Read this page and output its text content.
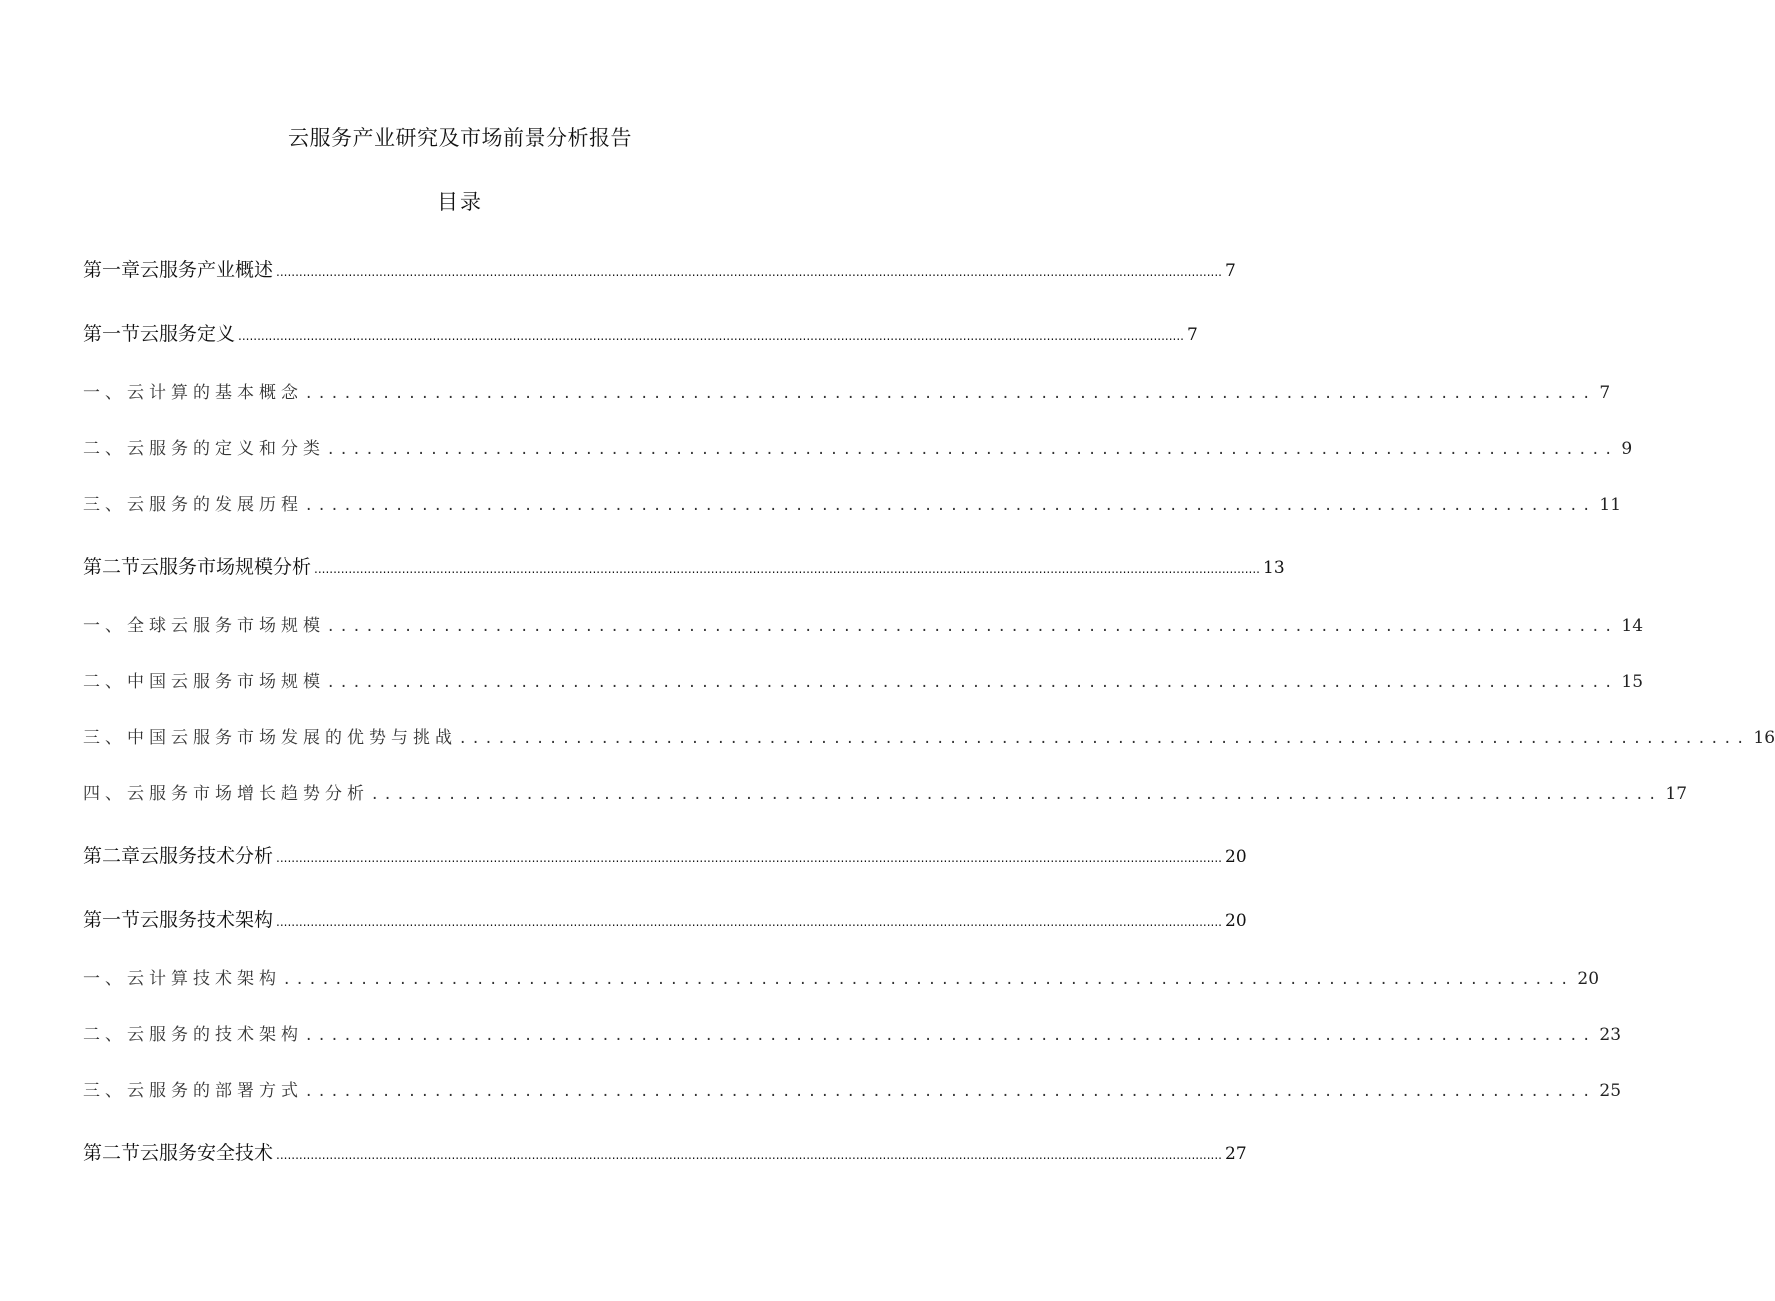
云服务产业研究及市场前景分析报告
目录
第一章云服务产业概述 ........................................................................................................................................................................................................................................................ 7
第一节云服务定义 ........................................................................................................................................................................................................................................................ 7
一、云计算的基本概念 .................................................................................................... 7
二、云服务的定义和分类 .................................................................................................... 9
三、云服务的发展历程 .................................................................................................... 11
第二节云服务市场规模分析 ........................................................................................................................................................................................................................................................ 13
一、全球云服务市场规模 .................................................................................................... 14
二、中国云服务市场规模 .................................................................................................... 15
三、中国云服务市场发展的优势与挑战 .................................................................................................... 16
四、云服务市场增长趋势分析 .................................................................................................... 17
第二章云服务技术分析 ........................................................................................................................................................................................................................................................ 20
第一节云服务技术架构 ........................................................................................................................................................................................................................................................ 20
一、云计算技术架构 .................................................................................................... 20
二、云服务的技术架构 .................................................................................................... 23
三、云服务的部署方式 .................................................................................................... 25
第二节云服务安全技术 ........................................................................................................................................................................................................................................................ 27
